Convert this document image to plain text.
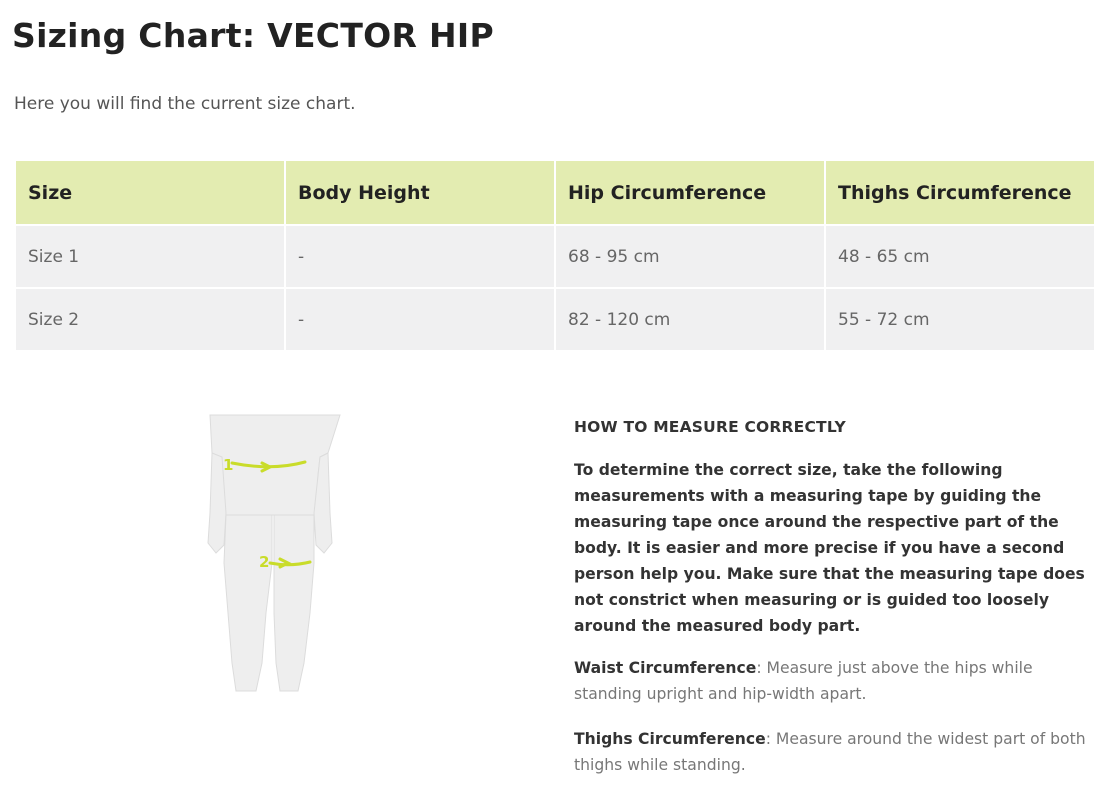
Sizing Chart: VECTOR HIP

Here you will find the current size chart.

Size	Body Height	Hip Circumference	Thighs Circumference
Size 1	-	68 - 95 cm	48 - 65 cm
Size 2	-	82 - 120 cm	55 - 72 cm
1
2
HOW TO MEASURE CORRECTLY

To determine the correct size, take the following measurements with a measuring tape by guiding the measuring tape once around the respective part of the body. It is easier and more precise if you have a second person help you. Make sure that the measuring tape does not constrict when measuring or is guided too loosely around the measured body part.

Waist Circumference: Measure just above the hips while standing upright and hip-width apart.

Thighs Circumference: Measure around the widest part of both thighs while standing.
